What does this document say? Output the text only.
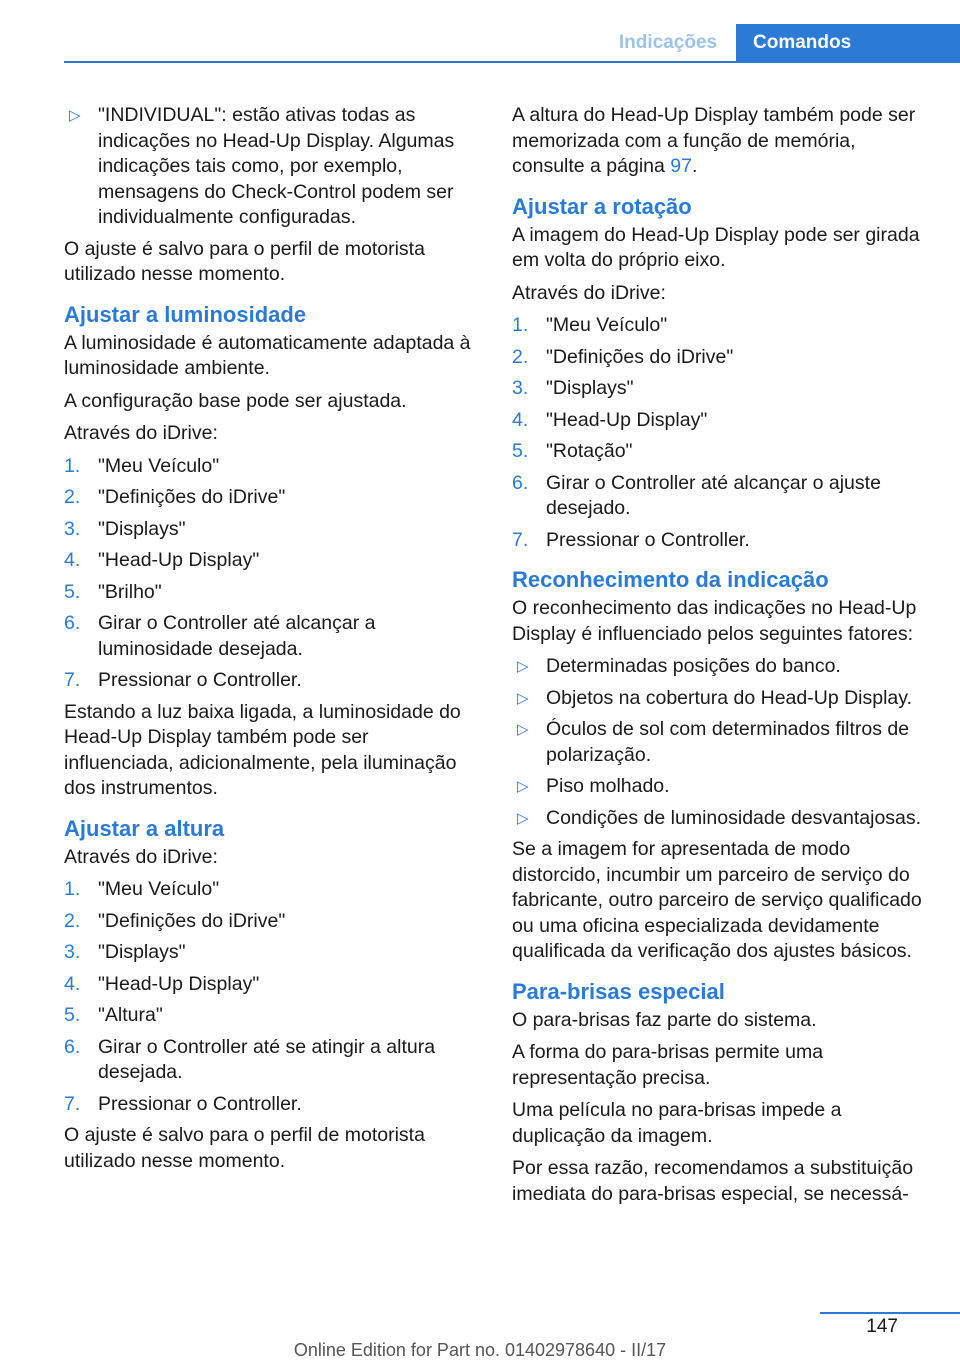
Indicações	Comandos
▷ "INDIVIDUAL": estão ativas todas as indicações no Head-Up Display. Algumas indicações tais como, por exemplo, mensagens do Check-Control podem ser individualmente configuradas.

O ajuste é salvo para o perfil de motorista utilizado nesse momento.

Ajustar a luminosidade

A luminosidade é automaticamente adaptada à luminosidade ambiente.

A configuração base pode ser ajustada.

Através do iDrive:

1. "Meu Veículo"
2. "Definições do iDrive"
3. "Displays"
4. "Head-Up Display"
5. "Brilho"
6. Girar o Controller até alcançar a luminosidade desejada.
7. Pressionar o Controller.

Estando a luz baixa ligada, a luminosidade do Head-Up Display também pode ser influenciada, adicionalmente, pela iluminação dos instrumentos.

Ajustar a altura

Através do iDrive:

1. "Meu Veículo"
2. "Definições do iDrive"
3. "Displays"
4. "Head-Up Display"
5. "Altura"
6. Girar o Controller até se atingir a altura desejada.
7. Pressionar o Controller.

O ajuste é salvo para o perfil de motorista utilizado nesse momento.

A altura do Head-Up Display também pode ser memorizada com a função de memória, consulte a página 97.

Ajustar a rotação

A imagem do Head-Up Display pode ser girada em volta do próprio eixo.

Através do iDrive:

1. "Meu Veículo"
2. "Definições do iDrive"
3. "Displays"
4. "Head-Up Display"
5. "Rotação"
6. Girar o Controller até alcançar o ajuste desejado.
7. Pressionar o Controller.
Reconhecimento da indicação

O reconhecimento das indicações no Head-Up Display é influenciado pelos seguintes fatores:

▷ Determinadas posições do banco.
▷ Objetos na cobertura do Head-Up Display.
▷ Óculos de sol com determinados filtros de polarização.
▷ Piso molhado.
▷ Condições de luminosidade desvantajosas.

Se a imagem for apresentada de modo distorcido, incumbir um parceiro de serviço do fabricante, outro parceiro de serviço qualificado ou uma oficina especializada devidamente qualificada da verificação dos ajustes básicos.

Para-brisas especial

O para-brisas faz parte do sistema.

A forma do para-brisas permite uma representação precisa.

Uma película no para-brisas impede a duplicação da imagem.

Por essa razão, recomendamos a substituição imediata do para-brisas especial, se necessá-

147
Online Edition for Part no. 01402978640 - II/17
